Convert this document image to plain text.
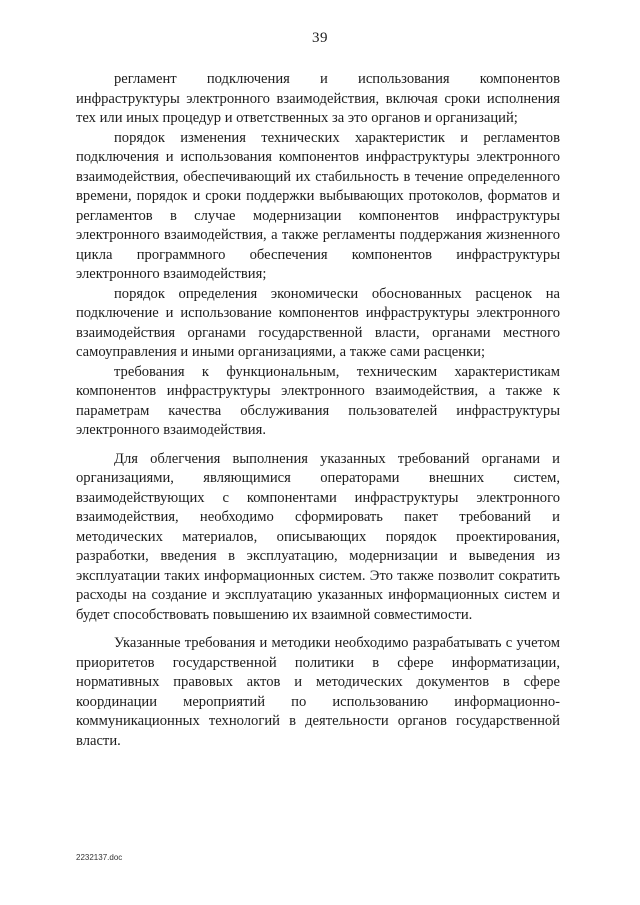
39

регламент подключения и использования компонентов инфраструктуры электронного взаимодействия, включая сроки исполнения тех или иных процедур и ответственных за это органов и организаций;

порядок изменения технических характеристик и регламентов подключения и использования компонентов инфраструктуры электронного взаимодействия, обеспечивающий их стабильность в течение определенного времени, порядок и сроки поддержки выбывающих протоколов, форматов и регламентов в случае модернизации компонентов инфраструктуры электронного взаимодействия, а также регламенты поддержания жизненного цикла программного обеспечения компонентов инфраструктуры электронного взаимодействия;

порядок определения экономически обоснованных расценок на подключение и использование компонентов инфраструктуры электронного взаимодействия органами государственной власти, органами местного самоуправления и иными организациями, а также сами расценки;

требования к функциональным, техническим характеристикам компонентов инфраструктуры электронного взаимодействия, а также к параметрам качества обслуживания пользователей инфраструктуры электронного взаимодействия.

Для облегчения выполнения указанных требований органами и организациями, являющимися операторами внешних систем, взаимодействующих с компонентами инфраструктуры электронного взаимодействия, необходимо сформировать пакет требований и методических материалов, описывающих порядок проектирования, разработки, введения в эксплуатацию, модернизации и выведения из эксплуатации таких информационных систем. Это также позволит сократить расходы на создание и эксплуатацию указанных информационных систем и будет способствовать повышению их взаимной совместимости.

Указанные требования и методики необходимо разрабатывать с учетом приоритетов государственной политики в сфере информатизации, нормативных правовых актов и методических документов в сфере координации мероприятий по использованию информационно-коммуникационных технологий в деятельности органов государственной власти.

2232137.doc
